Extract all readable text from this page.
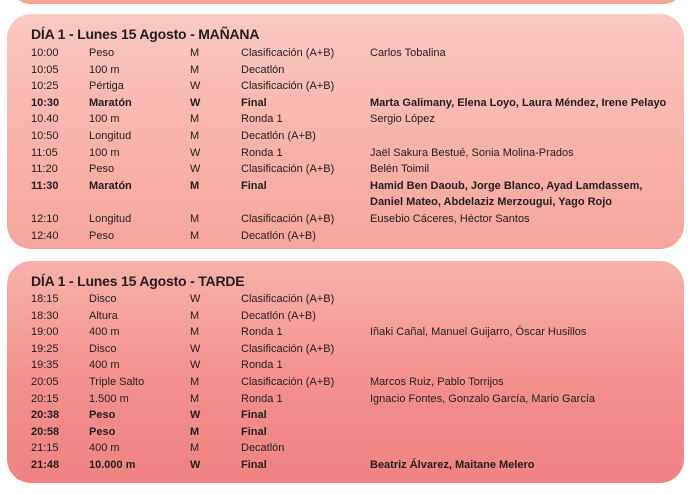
DÍA 1 - Lunes 15 Agosto - MAÑANA
10:00	Peso	M	Clasificación (A+B)	Carlos Tobalina
10:05	100 m	M	Decatlón
10:25	Pértiga	W	Clasificación (A+B)
10:30	Maratón	W	Final	Marta Galimany, Elena Loyo, Laura Méndez, Irene Pelayo
10.40	100 m	M	Ronda 1	Sergio López
10:50	Longitud	M	Decatlón (A+B)
11:05	100 m	W	Ronda 1	Jaël Sakura Bestué, Sonia Molina-Prados
11:20	Peso	W	Clasificación (A+B)	Belén Toimil
11:30	Maratón	M	Final	Hamid Ben Daoub, Jorge Blanco, Ayad Lamdassem,
Daniel Mateo, Abdelaziz Merzougui, Yago Rojo
12:10	Longitud	M	Clasificación (A+B)	Eusebio Cáceres, Héctor Santos
12:40	Peso	M	Decatlón (A+B)
DÍA 1 - Lunes 15 Agosto - TARDE
18:15	Disco	W	Clasificación (A+B)
18:30	Altura	M	Decatlón (A+B)
19:00	400 m	M	Ronda 1	Iñaki Cañal, Manuel Guijarro, Óscar Husillos
19:25	Disco	W	Clasificación (A+B)
19:35	400 m	W	Ronda 1
20:05	Triple Salto	M	Clasificación (A+B)	Marcos Ruiz, Pablo Torrijos
20:15	1.500 m	M	Ronda 1	Ignacio Fontes, Gonzalo García, Mario García
20:38	Peso	W	Final
20:58	Peso	M	Final
21:15	400 m	M	Decatlón
21:48	10.000 m	W	Final	Beatriz Álvarez, Maitane Melero
